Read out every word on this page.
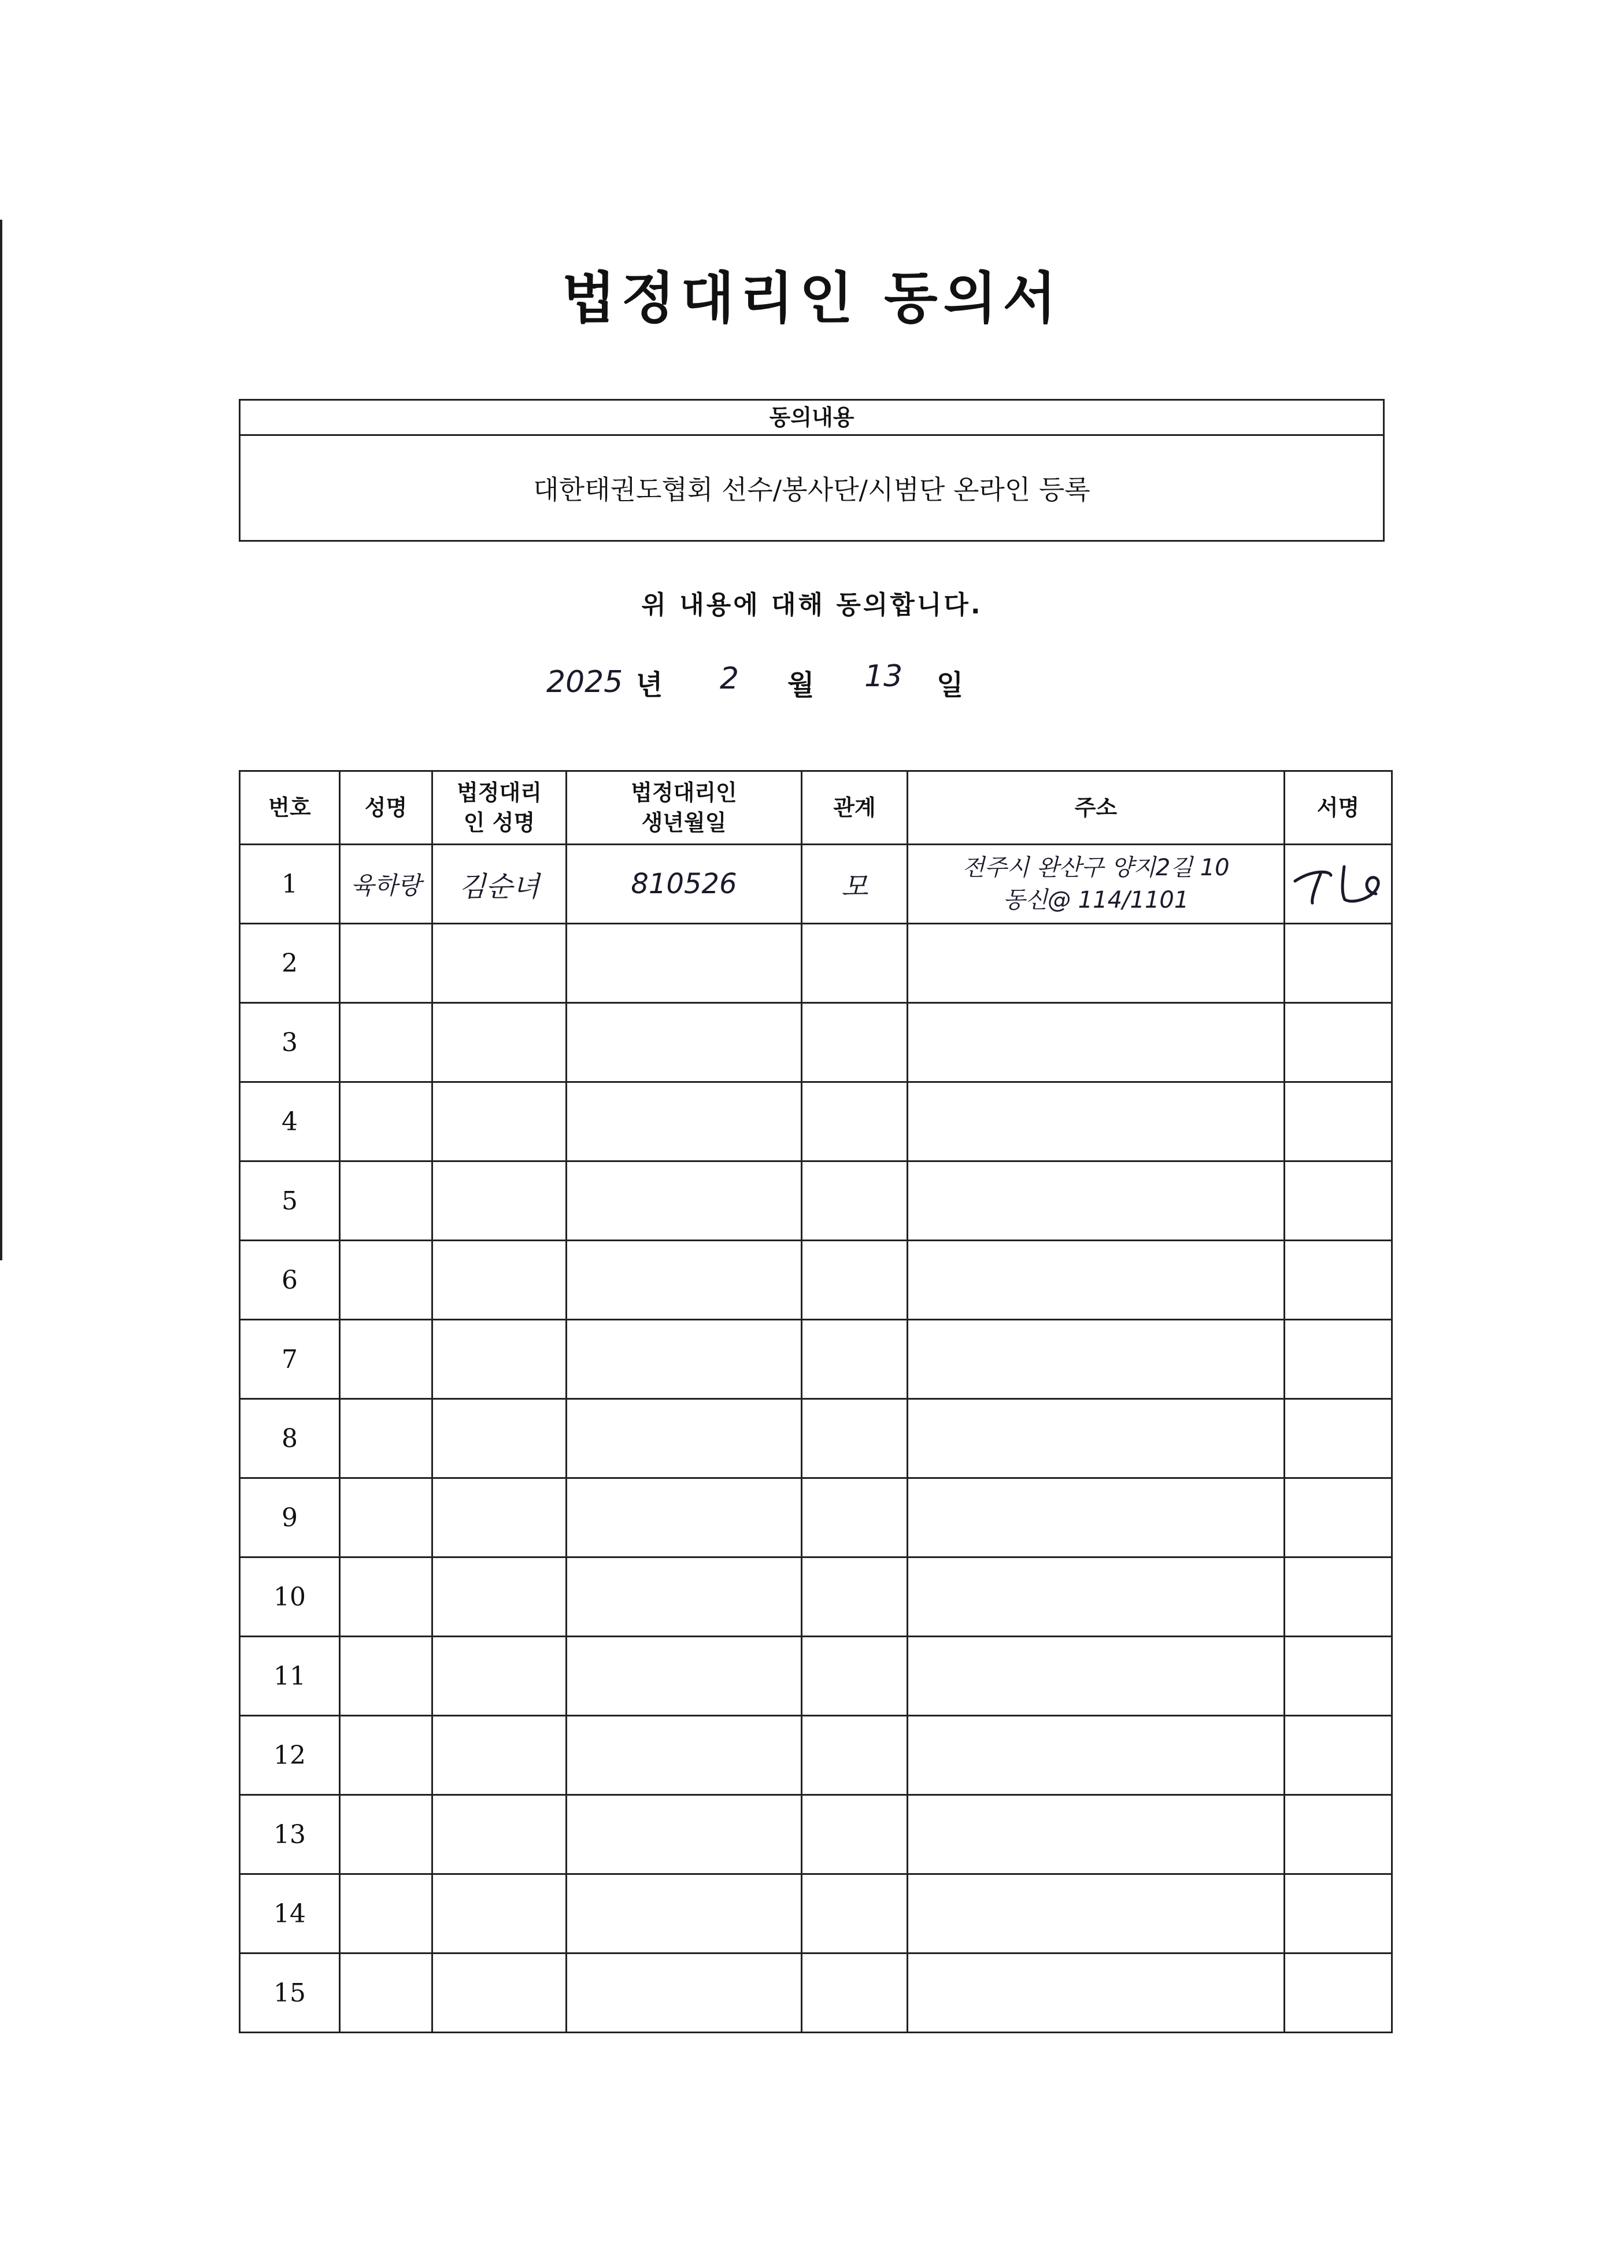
법정대리인 동의서
동의내용
대한태권도협회 선수/봉사단/시범단 온라인 등록
위 내용에 대해 동의합니다.
2025 년 2 월 13 일
번호	성명	법정대리인 성명	법정대리인 생년월일	관계	주소	서명
1	육하랑	김순녀	810526	모	전주시 완산구 양지2길 10
동신@ 114/1101

2						
3						
4						
5						
6						
7						
8						
9						
10						
11						
12						
13						
14						
15						
